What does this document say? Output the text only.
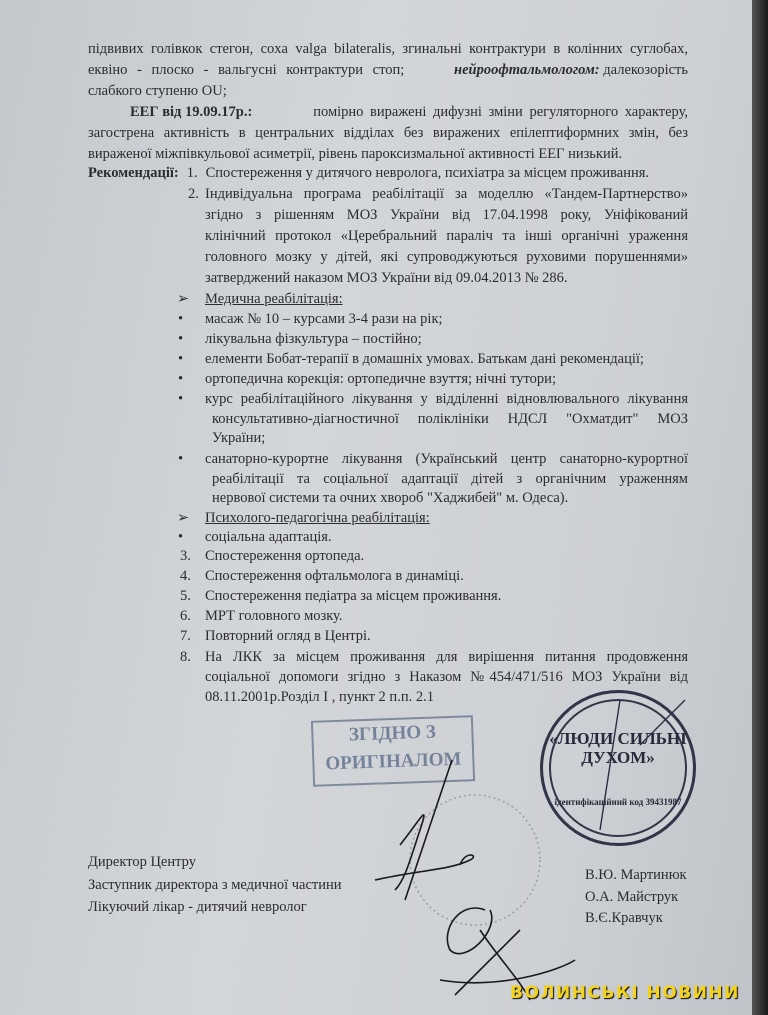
підвивих голівкок стегон, coxa valga bilateralis, згинальні контрактури в колінних суглобах,
еквіно - плоско - вальгусні контрактури стоп;	нейроофтальмологом: далекозорість
слабкого ступеню OU;
ЕЕГ від 19.09.17р.:	помірно виражені дифузні зміни регуляторного характеру,
загострена активність в центральних відділах без виражених епілептиформних змін, без
вираженої міжпівкульової асиметрії, рівень пароксизмальної активності ЕЕГ низький.
Рекомендації: 1. Спостереження у дитячого невролога, психіатра за місцем проживання.
2. Індивідуальна програма реабілітації за моделлю «Тандем-Партнерство»
згідно з рішенням МОЗ України від 17.04.1998 року, Уніфікований
клінічний протокол «Церебральний параліч та інші органічні ураження
головного мозку у дітей, які супроводжуються руховими порушеннями»
затверджений наказом МОЗ України від 09.04.2013 № 286.
➢ Медична реабілітація:
• масаж № 10 – курсами 3-4 рази на рік;
• лікувальна фізкультура – постійно;
• елементи Бобат-терапії в домашніх умовах. Батькам дані рекомендації;
• ортопедична корекція: ортопедичне взуття; нічні тутори;
• курс реабілітаційного лікування у відділенні відновлювального лікування
консультативно-діагностичної поліклініки НДСЛ "Охматдит" МОЗ
України;
• санаторно-курортне лікування (Український центр санаторно-курортної
реабілітації та соціальної адаптації дітей з органічним ураженням
нервової системи та очних хвороб "Хаджибей" м. Одеса).
➢ Психолого-педагогічна реабілітація:
• соціальна адаптація.
3. Спостереження ортопеда.
4. Спостереження офтальмолога в динаміці.
5. Спостереження педіатра за місцем проживання.
6. МРТ головного мозку.
7. Повторний огляд в Центрі.
8. На ЛКК за місцем проживання для вирішення питання продовження
соціальної допомоги згідно з Наказом №454/471/516 МОЗ України від
08.11.2001р.Розділ І , пункт 2 п.п. 2.1
ЗГІДНО З
ОРИГІНАЛОМ
«ЛЮДИ СИЛЬНІ ДУХОМ»
ідентифікаційний код 39431987
Директор Центру
Заступник директора з медичної частини
Лікуючий лікар - дитячий невролог
В.Ю. Мартинюк
О.А. Майструк
В.Є.Кравчук
ВОЛИНСЬКІ НОВИНИ
